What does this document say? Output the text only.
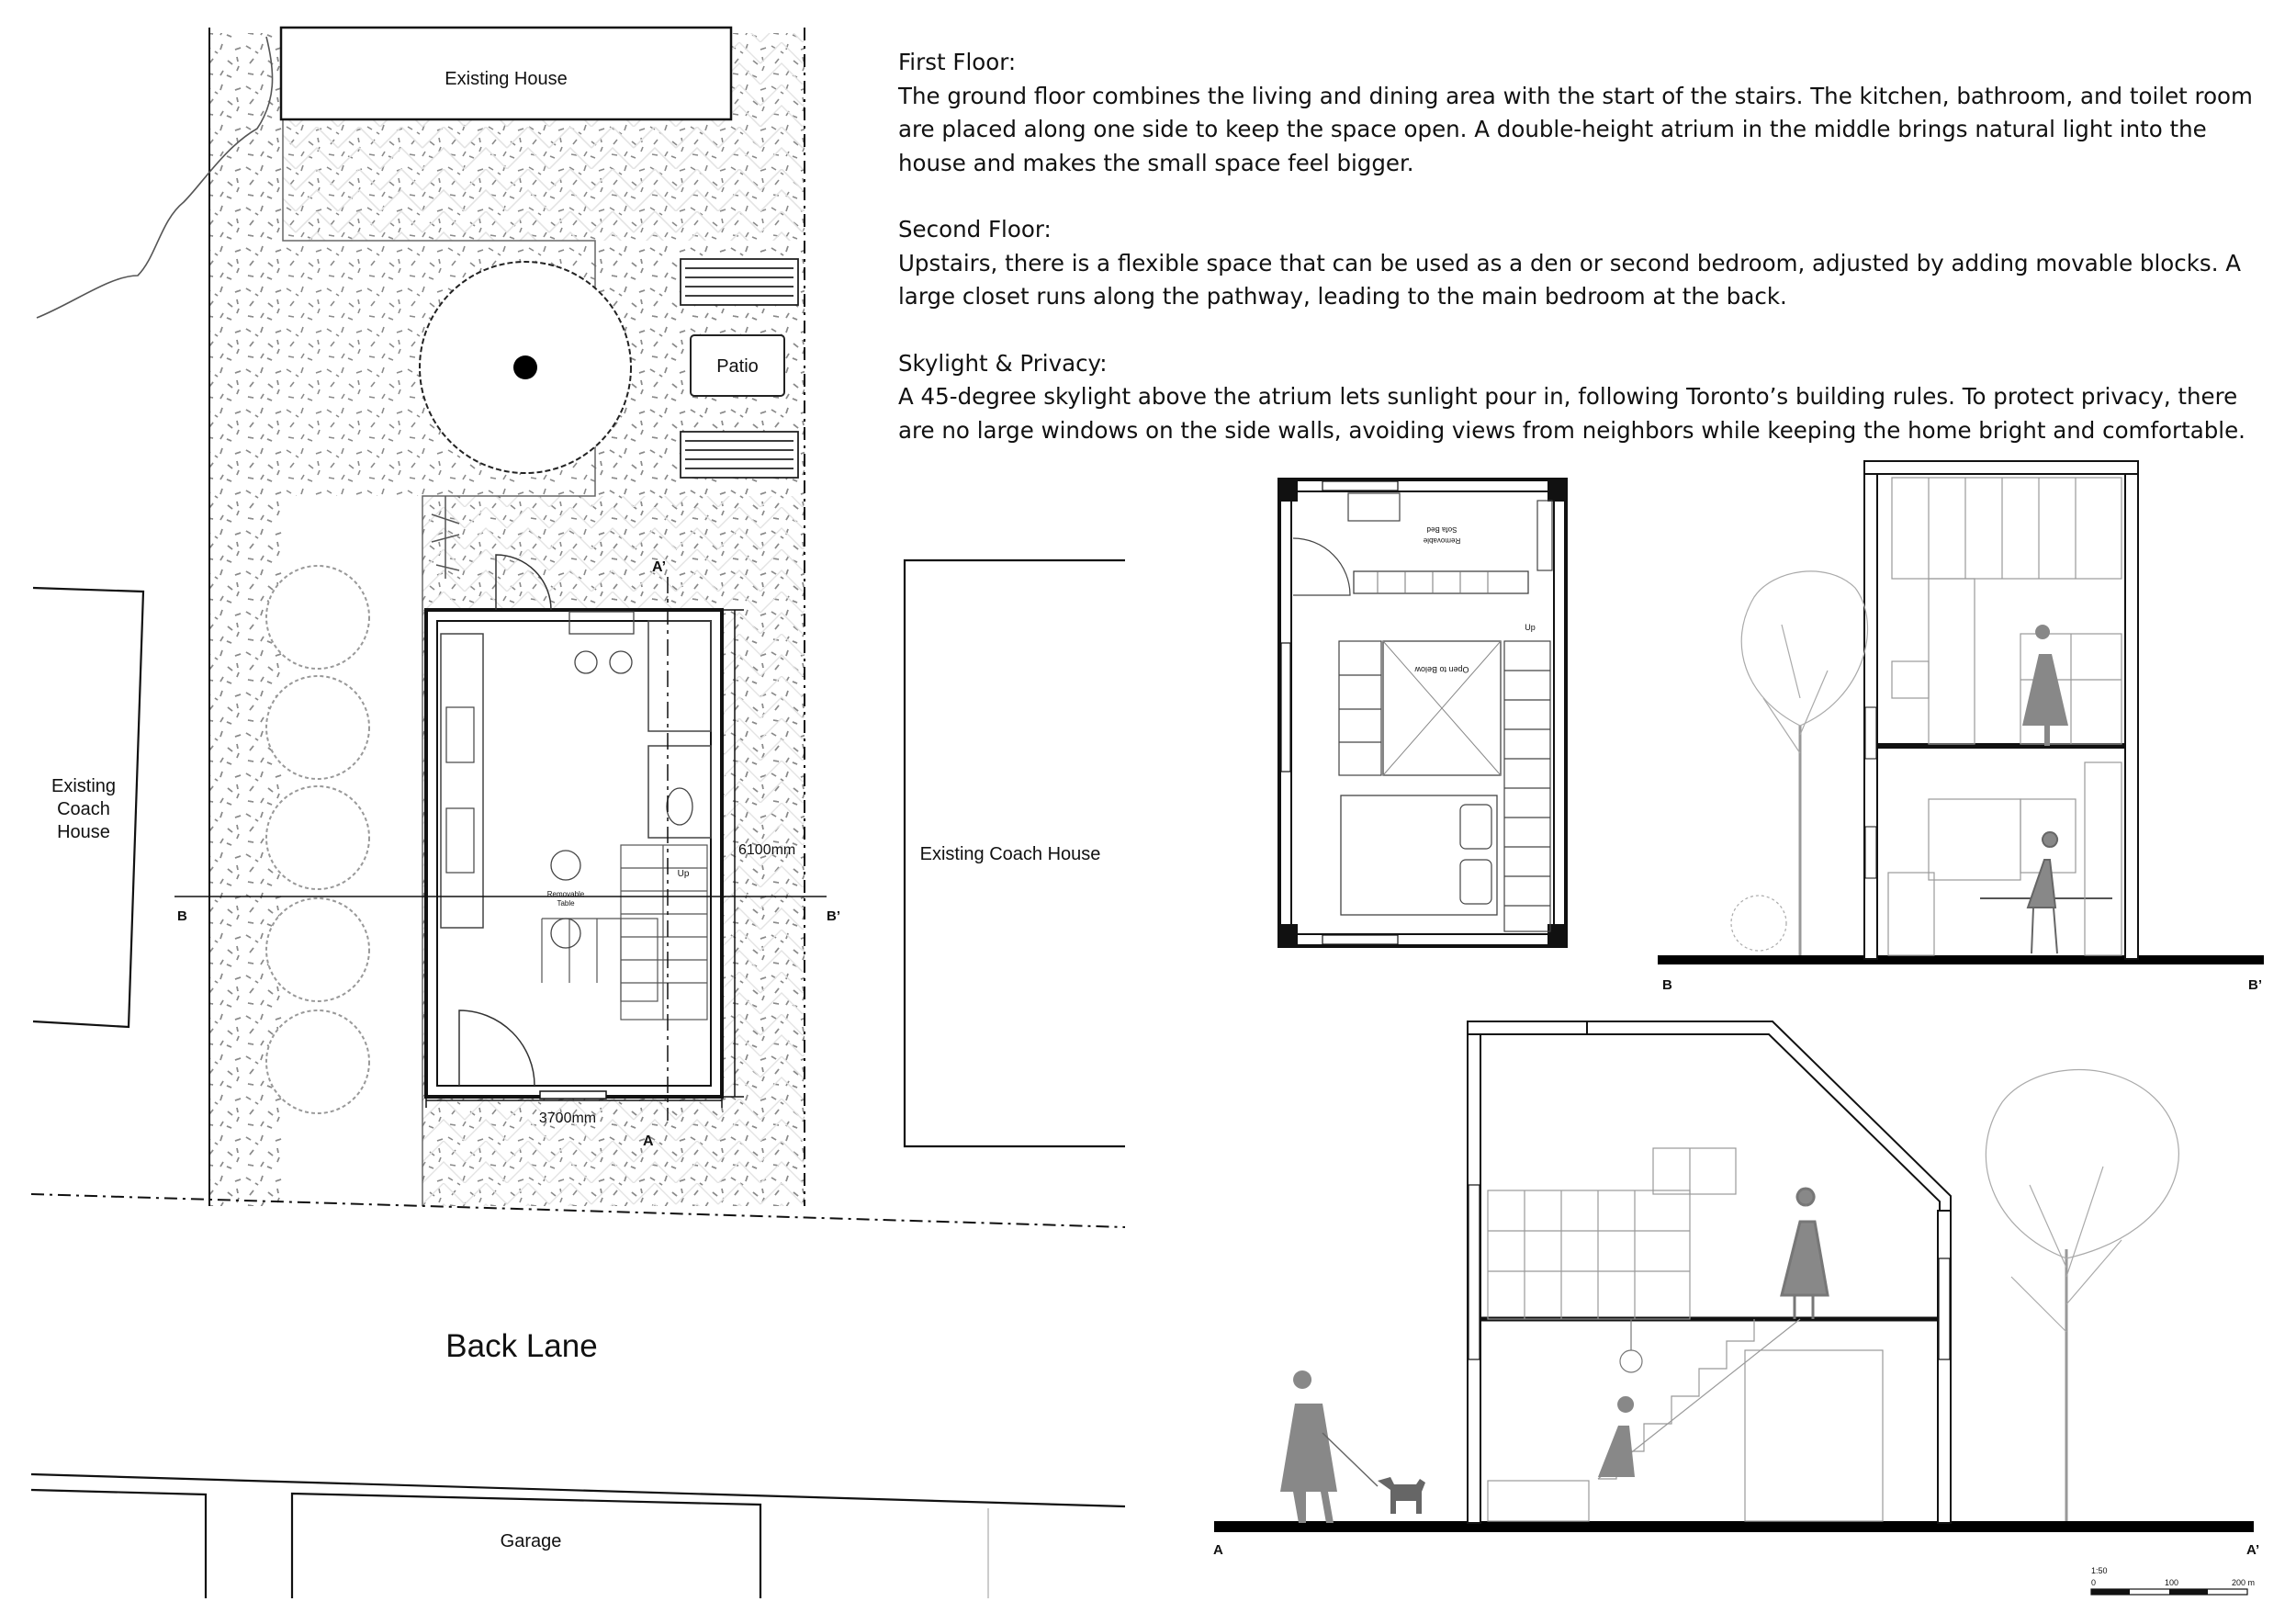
Existing House
Patio
Existing
Coach
House
Existing Coach House
Up
Removable
Table
A’
A
B	B’
6100mm
3700mm
Back Lane
Garage
Removable
Sofa Bed
Open to Below
Up
B	B’
A	A’
1:50
0	100	200 m

First Floor:

The ground floor combines the living and dining area with the start of the stairs. The kitchen, bathroom, and toilet room are placed along one side to keep the space open. A double-height atrium in the middle brings natural light into the house and makes the small space feel bigger.

Second Floor:

Upstairs, there is a flexible space that can be used as a den or second bedroom, adjusted by adding movable blocks. A large closet runs along the pathway, leading to the main bedroom at the back.

Skylight & Privacy:

A 45-degree skylight above the atrium lets sunlight pour in, following Toronto’s building rules. To protect privacy, there are no large windows on the side walls, avoiding views from neighbors while keeping the home bright and comfortable.
